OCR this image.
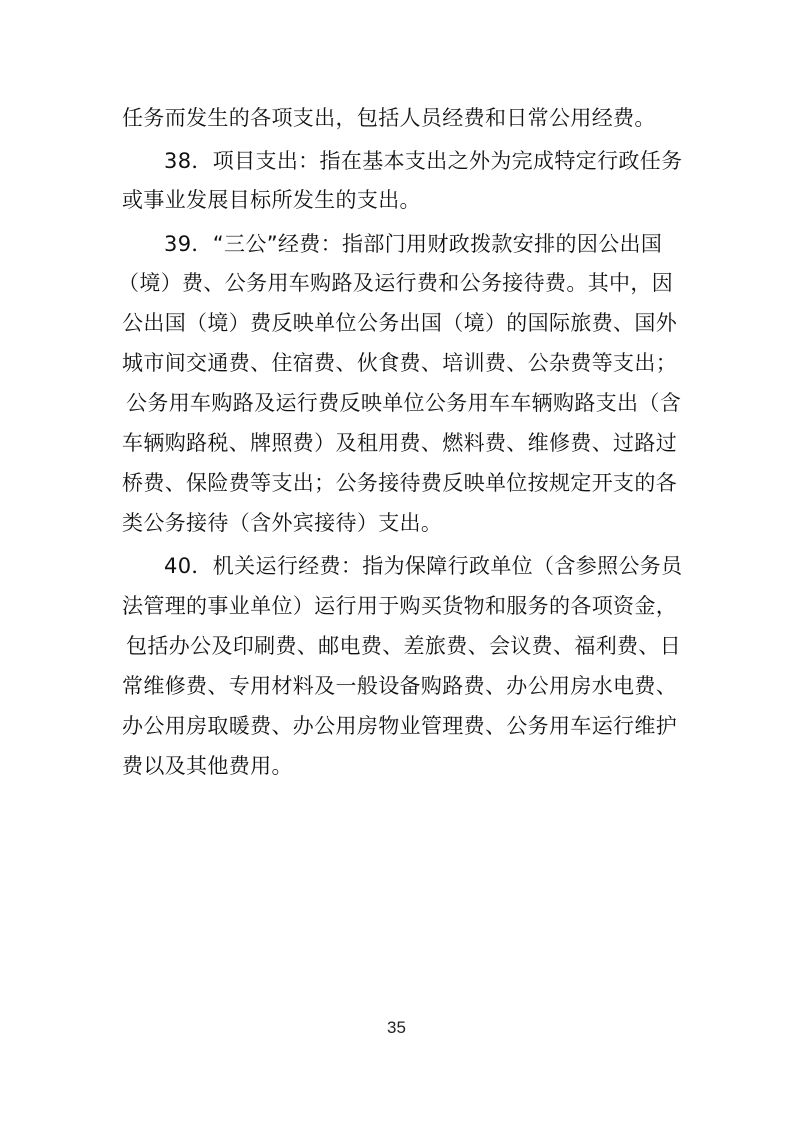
任务而发生的各项支出，包括人员经费和日常公用经费。
38．项目支出：指在基本支出之外为完成特定行政任务
或事业发展目标所发生的支出。
39．“三公”经费：指部门用财政拨款安排的因公出国
（境）费、公务用车购路及运行费和公务接待费。其中，因
公出国（境）费反映单位公务出国（境）的国际旅费、国外
城市间交通费、住宿费、伙食费、培训费、公杂费等支出；
公务用车购路及运行费反映单位公务用车车辆购路支出（含
车辆购路税、牌照费）及租用费、燃料费、维修费、过路过
桥费、保险费等支出；公务接待费反映单位按规定开支的各
类公务接待（含外宾接待）支出。
40．机关运行经费：指为保障行政单位（含参照公务员
法管理的事业单位）运行用于购买货物和服务的各项资金，
包括办公及印刷费、邮电费、差旅费、会议费、福利费、日
常维修费、专用材料及一般设备购路费、办公用房水电费、
办公用房取暖费、办公用房物业管理费、公务用车运行维护
费以及其他费用。
35
